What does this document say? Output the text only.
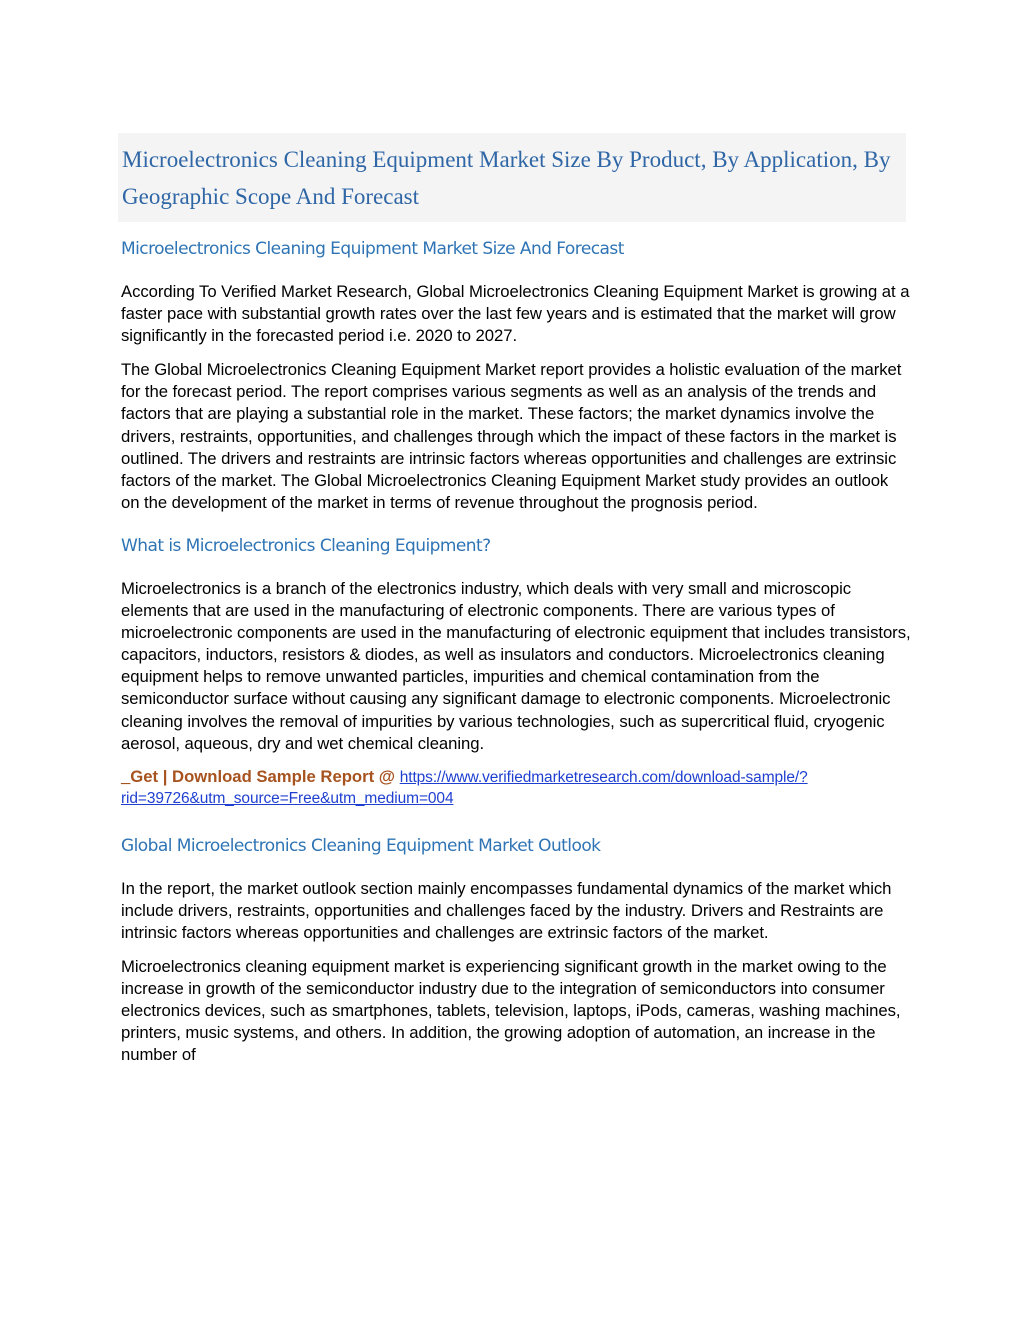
Microelectronics Cleaning Equipment Market Size By Product, By Application, By Geographic Scope And Forecast
Microelectronics Cleaning Equipment Market Size And Forecast

According To Verified Market Research, Global Microelectronics Cleaning Equipment Market is growing at a faster pace with substantial growth rates over the last few years and is estimated that the market will grow significantly in the forecasted period i.e. 2020 to 2027.

The Global Microelectronics Cleaning Equipment Market report provides a holistic evaluation of the market for the forecast period. The report comprises various segments as well as an analysis of the trends and factors that are playing a substantial role in the market. These factors; the market dynamics involve the drivers, restraints, opportunities, and challenges through which the impact of these factors in the market is outlined. The drivers and restraints are intrinsic factors whereas opportunities and challenges are extrinsic factors of the market. The Global Microelectronics Cleaning Equipment Market study provides an outlook on the development of the market in terms of revenue throughout the prognosis period.

What is Microelectronics Cleaning Equipment?

Microelectronics is a branch of the electronics industry, which deals with very small and microscopic elements that are used in the manufacturing of electronic components. There are various types of microelectronic components are used in the manufacturing of electronic equipment that includes transistors, capacitors, inductors, resistors & diodes, as well as insulators and conductors. Microelectronics cleaning equipment helps to remove unwanted particles, impurities and chemical contamination from the semiconductor surface without causing any significant damage to electronic components. Microelectronic cleaning involves the removal of impurities by various technologies, such as supercritical fluid, cryogenic aerosol, aqueous, dry and wet chemical cleaning.

_Get | Download Sample Report @ https://www.verifiedmarketresearch.com/download-sample/?rid=39726&utm_source=Free&utm_medium=004

Global Microelectronics Cleaning Equipment Market Outlook

In the report, the market outlook section mainly encompasses fundamental dynamics of the market which include drivers, restraints, opportunities and challenges faced by the industry. Drivers and Restraints are intrinsic factors whereas opportunities and challenges are extrinsic factors of the market.

Microelectronics cleaning equipment market is experiencing significant growth in the market owing to the increase in growth of the semiconductor industry due to the integration of semiconductors into consumer electronics devices, such as smartphones, tablets, television, laptops, iPods, cameras, washing machines, printers, music systems, and others. In addition, the growing adoption of automation, an increase in the number of
